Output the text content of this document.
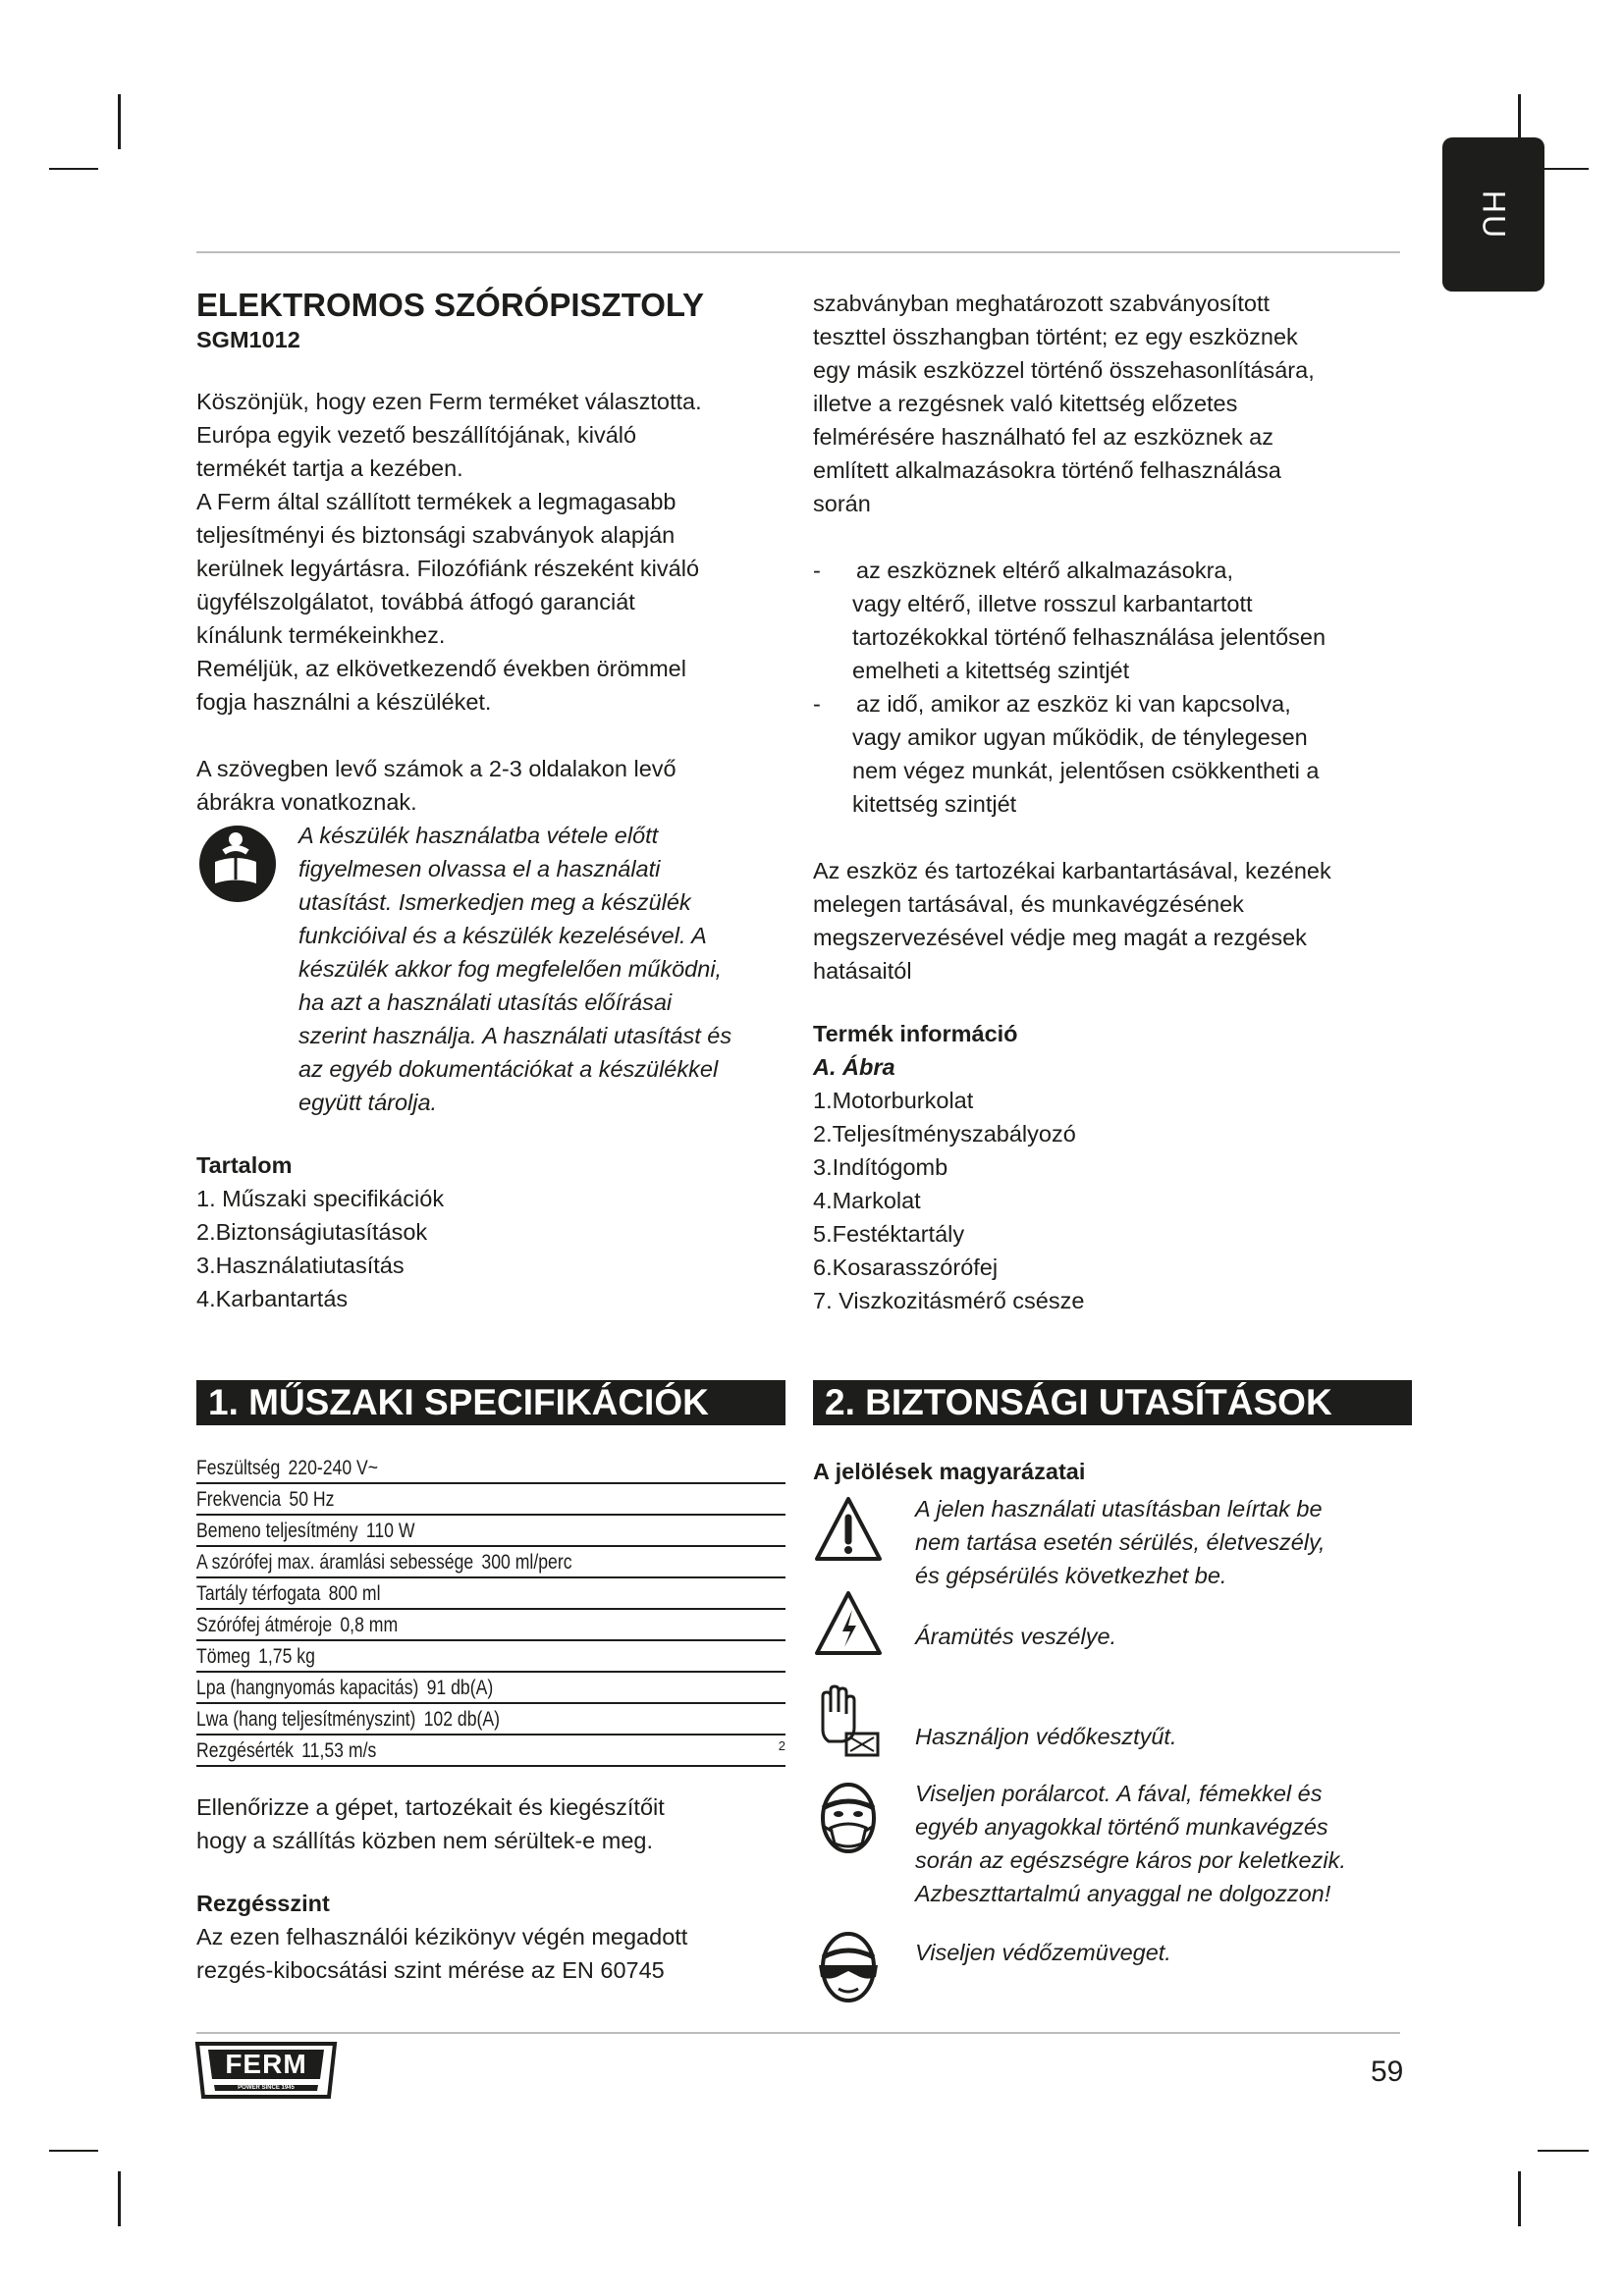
HU
ELEKTROMOS SZÓRÓPISZTOLY
SGM1012
Köszönjük, hogy ezen Ferm terméket választotta.
Európa egyik vezető beszállítójának, kiváló
termékét tartja a kezében.
A Ferm által szállított termékek a legmagasabb
teljesítményi és biztonsági szabványok alapján
kerülnek legyártásra. Filozófiánk részeként kiváló
ügyfélszolgálatot, továbbá átfogó garanciát
kínálunk termékeinkhez.
Reméljük, az elkövetkezendő években örömmel
fogja használni a készüléket.
A szövegben levő számok a 2-3 oldalakon levő
ábrákra vonatkoznak.
A készülék használatba vétele előtt
figyelmesen olvassa el a használati
utasítást. Ismerkedjen meg a készülék
funkcióival és a készülék kezelésével. A
készülék akkor fog megfelelően működni,
ha azt a használati utasítás előírásai
szerint használja. A használati utasítást és
az egyéb dokumentációkat a készülékkel
együtt tárolja.
Tartalom
1. Műszaki specifikációk
2.Biztonságiutasítások
3.Használatiutasítás
4.Karbantartás
szabványban meghatározott szabványosított
teszttel összhangban történt; ez egy eszköznek
egy másik eszközzel történő összehasonlítására,
illetve a rezgésnek való kitettség előzetes
felmérésére használható fel az eszköznek az
említett alkalmazásokra történő felhasználása
során
- az eszköznek eltérő alkalmazásokra,
vagy eltérő, illetve rosszul karbantartott
tartozékokkal történő felhasználása jelentősen
emelheti a kitettség szintjét
- az idő, amikor az eszköz ki van kapcsolva,
vagy amikor ugyan működik, de ténylegesen
nem végez munkát, jelentősen csökkentheti a
kitettség szintjét
Az eszköz és tartozékai karbantartásával, kezének
melegen tartásával, és munkavégzésének
megszervezésével védje meg magát a rezgések
hatásaitól
Termék információ
A. Ábra
1.Motorburkolat
2.Teljesítményszabályozó
3.Indítógomb
4.Markolat
5.Festéktartály
6.Kosarasszórófej
7. Viszkozitásmérő csésze
1. MŰSZAKI SPECIFIKÁCIÓK	2. BIZTONSÁGI UTASÍTÁSOK
Feszültség 220-240 V~
Frekvencia 50 Hz
Bemeno teljesítmény 110 W
A szórófej max. áramlási sebessége 300 ml/perc
Tartály térfogata 800 ml
Szórófej átméroje 0,8 mm
Tömeg 1,75 kg
Lpa (hangnyomás kapacitás) 91 db(A)
Lwa (hang teljesítményszint) 102 db(A)
Rezgésérték 11,53 m/s	2
Ellenőrizze a gépet, tartozékait és kiegészítőit
hogy a szállítás közben nem sérültek-e meg.
Rezgésszint
Az ezen felhasználói kézikönyv végén megadott
rezgés-kibocsátási szint mérése az EN 60745
A jelölések magyarázatai
A jelen használati utasításban leírtak be
nem tartása esetén sérülés, életveszély,
és gépsérülés következhet be.
Áramütés veszélye.
Használjon védőkesztyűt.
Viseljen porálarcot. A fával, fémekkel és
egyéb anyagokkal történő munkavégzés
során az egészségre káros por keletkezik.
Azbeszttartalmú anyaggal ne dolgozzon!
Viseljen védőzemüveget.
FERM
POWER SINCE 1945	59
